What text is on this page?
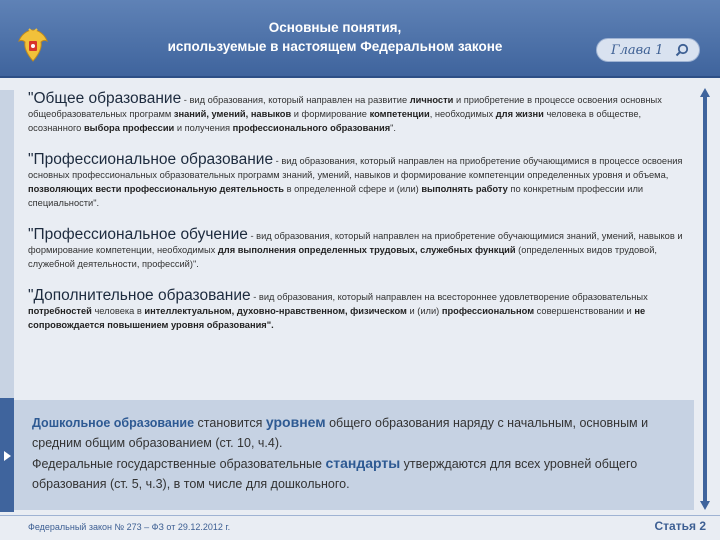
Основные понятия,
используемые в настоящем Федеральном законе	Глава 1
"Общее образование - вид образования, который направлен на развитие личности и приобретение в процессе освоения основных общеобразовательных программ знаний, умений, навыков и формирование компетенции, необходимых для жизни человека в обществе, осознанного выбора профессии и получения профессионального образования".
"Профессиональное образование - вид образования, который направлен на приобретение обучающимися в процессе освоения основных профессиональных образовательных программ знаний, умений, навыков и формирование компетенции определенных уровня и объема, позволяющих вести профессиональную деятельность в определенной сфере и (или) выполнять работу по конкретным профессии или специальности".
"Профессиональное обучение - вид образования, который направлен на приобретение обучающимися знаний, умений, навыков и формирование компетенции, необходимых для выполнения определенных трудовых, служебных функций (определенных видов трудовой, служебной деятельности, профессий)".
"Дополнительное образование - вид образования, который направлен на всестороннее удовлетворение образовательных потребностей человека в интеллектуальном, духовно-нравственном, физическом и (или) профессиональном совершенствовании и не сопровождается повышением уровня образования".
Дошкольное образование становится уровнем общего образования наряду с начальным, основным и средним общим образованием (ст. 10, ч.4).
Федеральные государственные образовательные стандарты утверждаются для всех уровней общего образования (ст. 5, ч.3), в том числе для дошкольного.
Федеральный закон № 273 – ФЗ от 29.12.2012 г.	Статья 2
